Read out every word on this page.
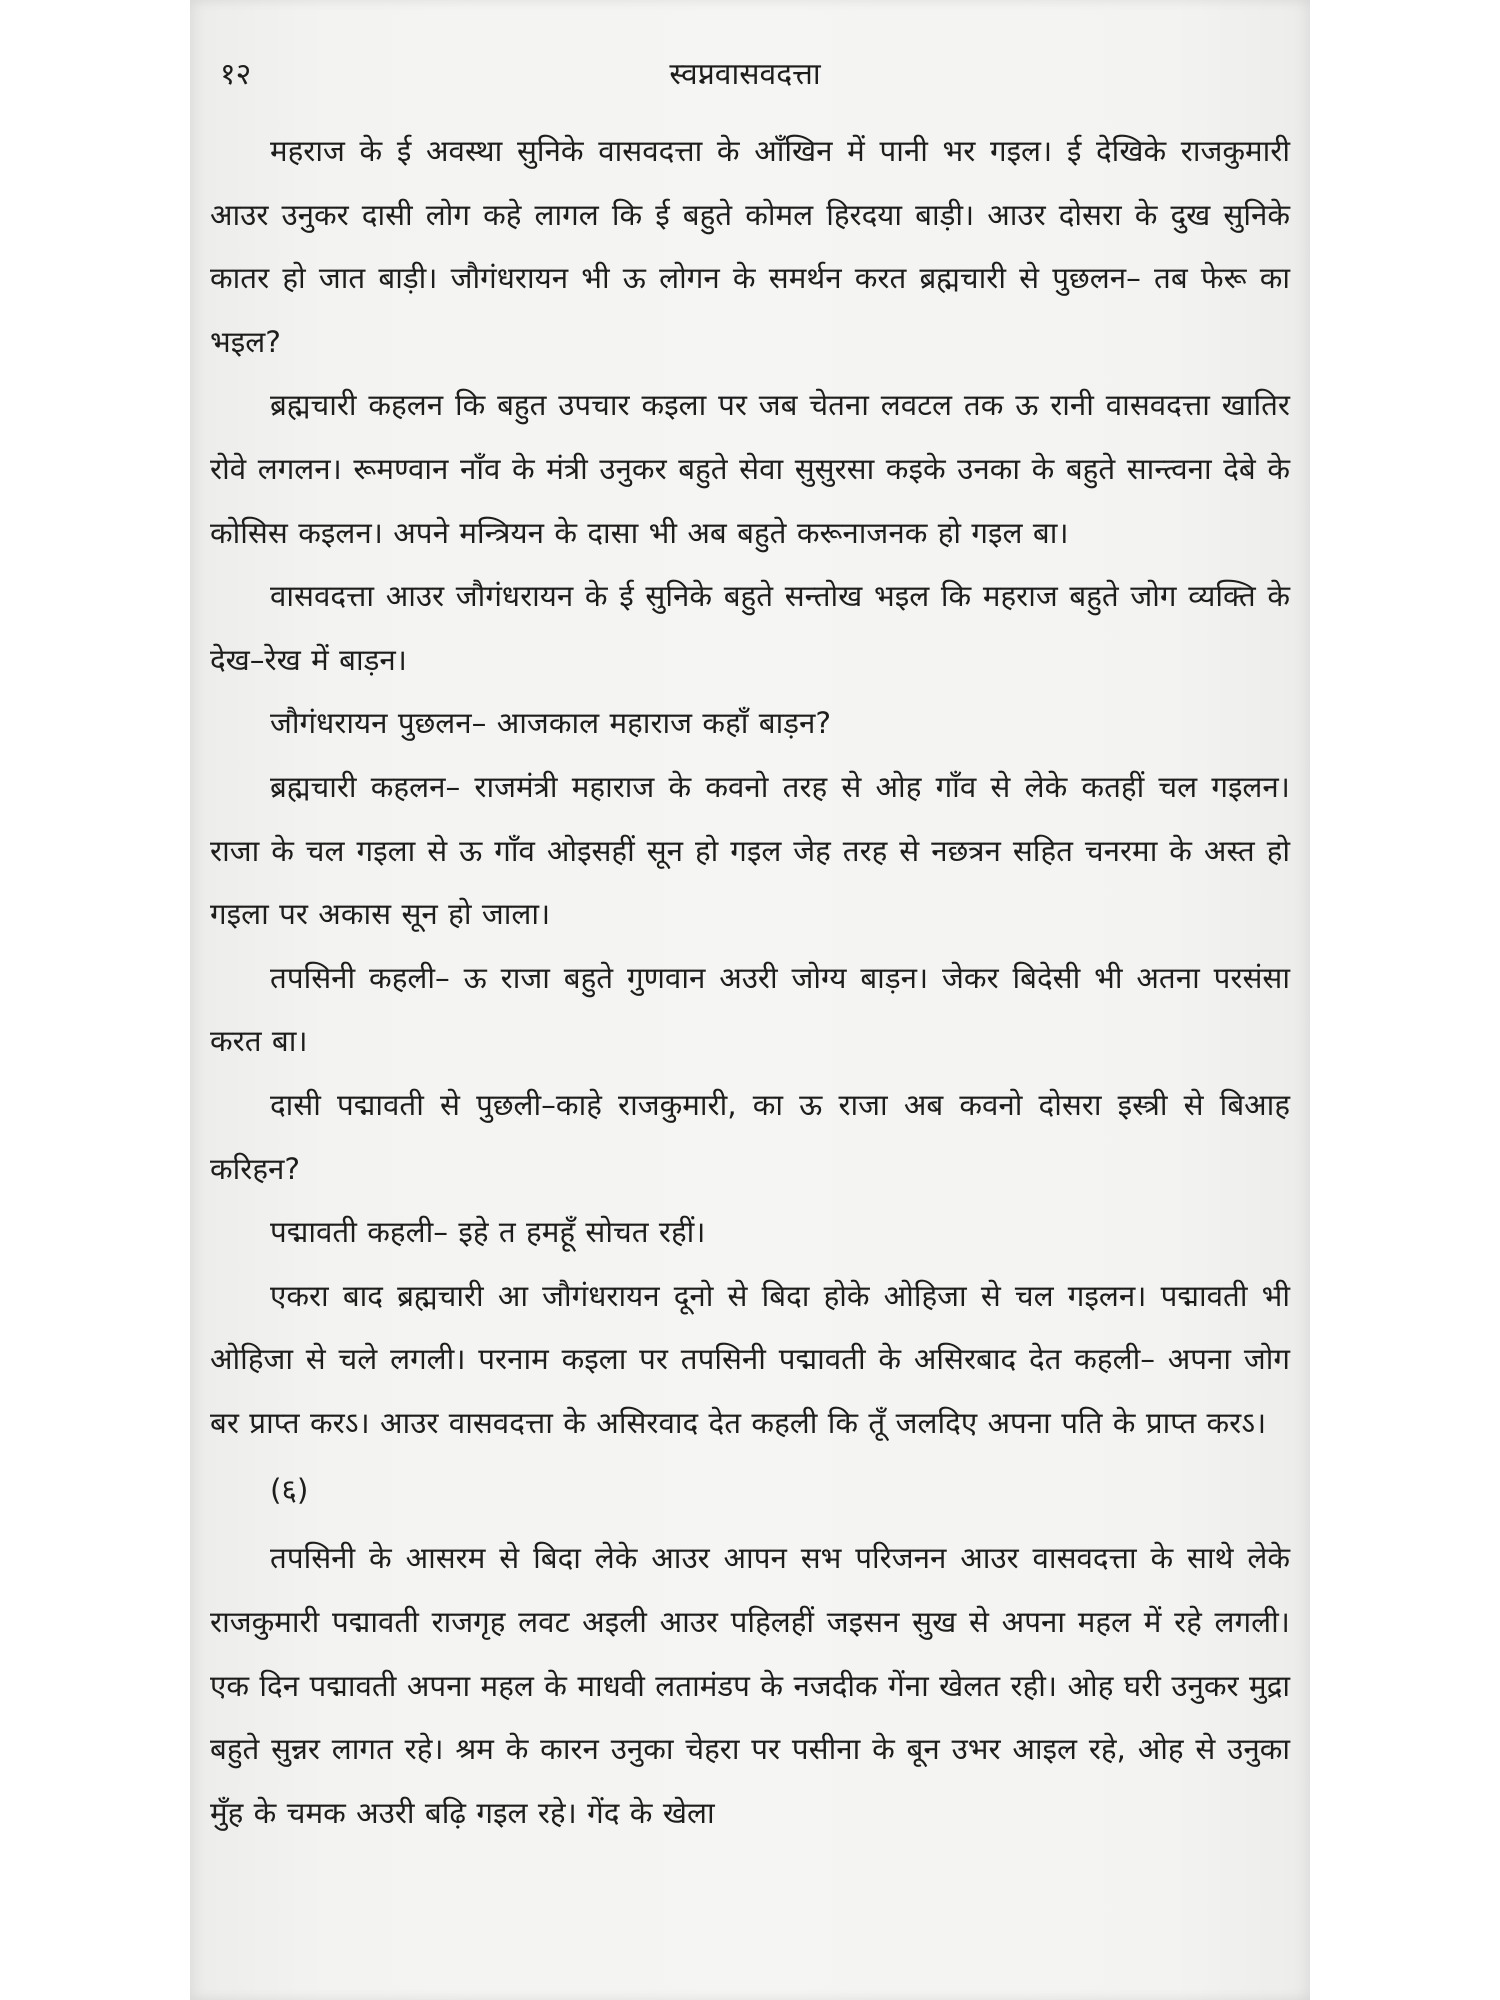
१२	स्वप्नवासवदत्ता

महराज के ई अवस्था सुनिके वासवदत्ता के आँखिन में पानी भर गइल। ई देखिके राजकुमारी आउर उनुकर दासी लोग कहे लागल कि ई बहुते कोमल हिरदया बाड़ी। आउर दोसरा के दुख सुनिके कातर हो जात बाड़ी। जौगंधरायन भी ऊ लोगन के समर्थन करत ब्रह्मचारी से पुछलन– तब फेरू का भइल?

ब्रह्मचारी कहलन कि बहुत उपचार कइला पर जब चेतना लवटल तक ऊ रानी वासवदत्ता खातिर रोवे लगलन। रूमण्वान नाँव के मंत्री उनुकर बहुते सेवा सुसुरसा कइके उनका के बहुते सान्त्वना देबे के कोसिस कइलन। अपने मन्त्रियन के दासा भी अब बहुते करूनाजनक हो गइल बा।

वासवदत्ता आउर जौगंधरायन के ई सुनिके बहुते सन्तोख भइल कि महराज बहुते जोग व्यक्ति के देख–रेख में बाड़न।

जौगंधरायन पुछलन– आजकाल महाराज कहाँ बाड़न?

ब्रह्मचारी कहलन– राजमंत्री महाराज के कवनो तरह से ओह गाँव से लेके कतहीं चल गइलन। राजा के चल गइला से ऊ गाँव ओइसहीं सून हो गइल जेह तरह से नछत्रन सहित चनरमा के अस्त हो गइला पर अकास सून हो जाला।

तपसिनी कहली– ऊ राजा बहुते गुणवान अउरी जोग्य बाड़न। जेकर बिदेसी भी अतना परसंसा करत बा।

दासी पद्मावती से पुछली–काहे राजकुमारी, का ऊ राजा अब कवनो दोसरा इस्त्री से बिआह करिहन?

पद्मावती कहली– इहे त हमहूँ सोचत रहीं।

एकरा बाद ब्रह्मचारी आ जौगंधरायन दूनो से बिदा होके ओहिजा से चल गइलन। पद्मावती भी ओहिजा से चले लगली। परनाम कइला पर तपसिनी पद्मावती के असिरबाद देत कहली– अपना जोग बर प्राप्त करऽ। आउर वासवदत्ता के असिरवाद देत कहली कि तूँ जलदिए अपना पति के प्राप्त करऽ।

(६)

तपसिनी के आसरम से बिदा लेके आउर आपन सभ परिजनन आउर वासवदत्ता के साथे लेके राजकुमारी पद्मावती राजगृह लवट अइली आउर पहिलहीं जइसन सुख से अपना महल में रहे लगली। एक दिन पद्मावती अपना महल के माधवी लतामंडप के नजदीक गेंना खेलत रही। ओह घरी उनुकर मुद्रा बहुते सुन्नर लागत रहे। श्रम के कारन उनुका चेहरा पर पसीना के बून उभर आइल रहे, ओह से उनुका मुँह के चमक अउरी बढ़ि गइल रहे। गेंद के खेला
